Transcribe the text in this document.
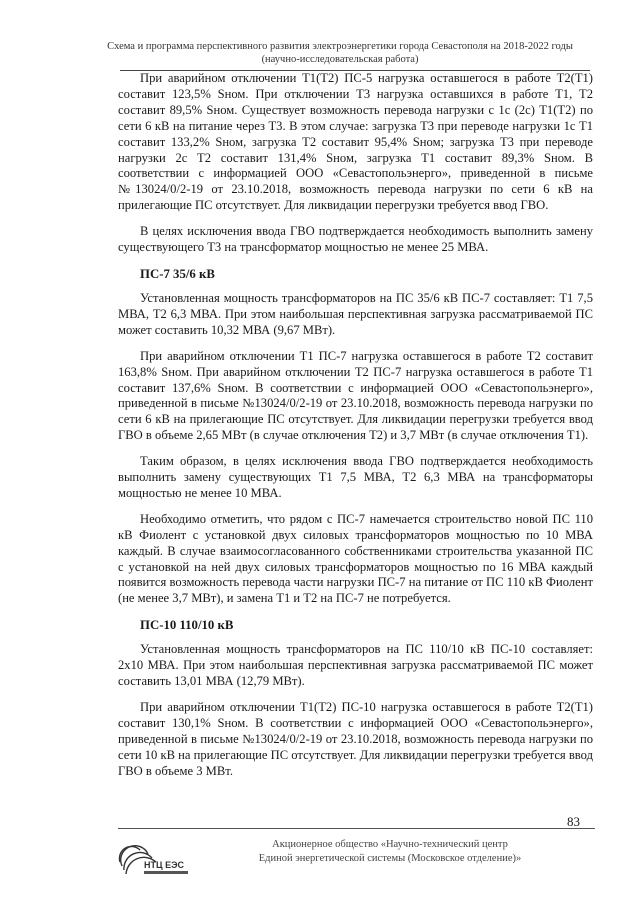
Схема и программа перспективного развития электроэнергетики города Севастополя на 2018-2022 годы
(научно-исследовательская работа)

При аварийном отключении Т1(Т2) ПС-5 нагрузка оставшегося в работе Т2(Т1) составит 123,5% Sном. При отключении Т3 нагрузка оставшихся в работе Т1, Т2 составит 89,5% Sном. Существует возможность перевода нагрузки с 1с (2с) Т1(Т2) по сети 6 кВ на питание через Т3. В этом случае: загрузка Т3 при переводе нагрузки 1с Т1 составит 133,2% Sном, загрузка Т2 составит 95,4% Sном; загрузка Т3 при переводе нагрузки 2с Т2 составит 131,4% Sном, загрузка Т1 составит 89,3% Sном. В соответствии с информацией ООО «Севастопольэнерго», приведенной в письме №13024/0/2-19 от 23.10.2018, возможность перевода нагрузки по сети 6 кВ на прилегающие ПС отсутствует. Для ликвидации перегрузки требуется ввод ГВО.

В целях исключения ввода ГВО подтверждается необходимость выполнить замену существующего Т3 на трансформатор мощностью не менее 25 МВА.

ПС-7 35/6 кВ

Установленная мощность трансформаторов на ПС 35/6 кВ ПС-7 составляет: Т1 7,5 МВА, Т2 6,3 МВА. При этом наибольшая перспективная загрузка рассматриваемой ПС может составить 10,32 МВА (9,67 МВт).

При аварийном отключении Т1 ПС-7 нагрузка оставшегося в работе Т2 составит 163,8% Sном. При аварийном отключении Т2 ПС-7 нагрузка оставшегося в работе Т1 составит 137,6% Sном. В соответствии с информацией ООО «Севастопольэнерго», приведенной в письме №13024/0/2-19 от 23.10.2018, возможность перевода нагрузки по сети 6 кВ на прилегающие ПС отсутствует. Для ликвидации перегрузки требуется ввод ГВО в объеме 2,65 МВт (в случае отключения Т2) и 3,7 МВт (в случае отключения Т1).

Таким образом, в целях исключения ввода ГВО подтверждается необходимость выполнить замену существующих Т1 7,5 МВА, Т2 6,3 МВА на трансформаторы мощностью не менее 10 МВА.

Необходимо отметить, что рядом с ПС-7 намечается строительство новой ПС 110 кВ Фиолент с установкой двух силовых трансформаторов мощностью по 10 МВА каждый. В случае взаимосогласованного собственниками строительства указанной ПС с установкой на ней двух силовых трансформаторов мощностью по 16 МВА каждый появится возможность перевода части нагрузки ПС-7 на питание от ПС 110 кВ Фиолент (не менее 3,7 МВт), и замена Т1 и Т2 на ПС-7 не потребуется.

ПС-10 110/10 кВ

Установленная мощность трансформаторов на ПС 110/10 кВ ПС-10 составляет: 2х10 МВА. При этом наибольшая перспективная загрузка рассматриваемой ПС может составить 13,01 МВА (12,79 МВт).

При аварийном отключении Т1(Т2) ПС-10 нагрузка оставшегося в работе Т2(Т1) составит 130,1% Sном. В соответствии с информацией ООО «Севастопольэнерго», приведенной в письме №13024/0/2-19 от 23.10.2018, возможность перевода нагрузки по сети 10 кВ на прилегающие ПС отсутствует. Для ликвидации перегрузки требуется ввод ГВО в объеме 3 МВт.

83
НТЦ ЕЭС
Акционерное общество «Научно-технический центр
Единой энергетической системы (Московское отделение)»
